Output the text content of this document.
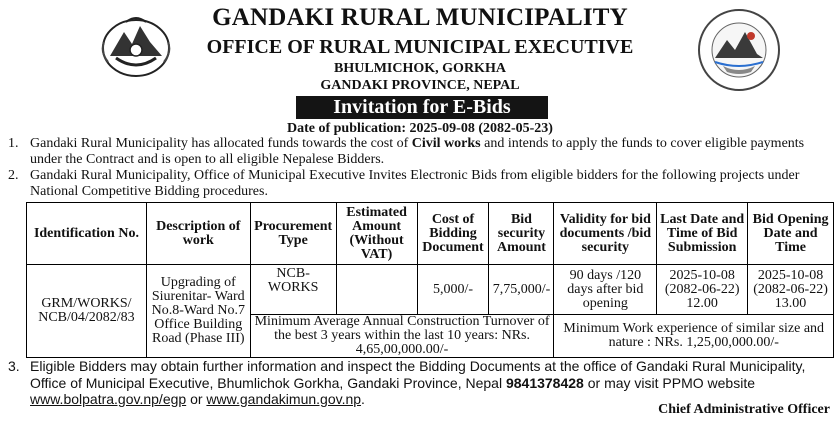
GANDAKI RURAL MUNICIPALITY
OFFICE OF RURAL MUNICIPAL EXECUTIVE
BHULMICHOK, GORKHA
GANDAKI PROVINCE, NEPAL
Invitation for E-Bids
Date of publication: 2025-09-08 (2082-05-23)
1. Gandaki Rural Municipality has allocated funds towards the cost of Civil works and intends to apply the funds to cover eligible payments under the Contract and is open to all eligible Nepalese Bidders.
2. Gandaki Rural Municipality, Office of Municipal Executive Invites Electronic Bids from eligible bidders for the following projects under National Competitive Bidding procedures.
Identification No.	Description of work	Procurement Type	Estimated Amount (Without VAT)	Cost of Bidding Document	Bid security Amount	Validity for bid documents /bid security	Last Date and Time of Bid Submission	Bid Opening Date and Time
GRM/WORKS/ NCB/04/2082/83	Upgrading of Siurenitar- Ward No.8-Ward No.7 Office Building Road (Phase III)	NCB-WORKS		5,000/-	7,75,000/-	90 days /120 days after bid opening	2025-10-08 (2082-06-22) 12.00	2025-10-08 (2082-06-22) 13.00
		Minimum Average Annual Construction Turnover of the best 3 years within the last 10 years: NRs. 4,65,00,000.00/-				Minimum Work experience of similar size and nature : NRs. 1,25,00,000.00/-		
3. Eligible Bidders may obtain further information and inspect the Bidding Documents at the office of Gandaki Rural Municipality, Office of Municipal Executive, Bhumlichok Gorkha, Gandaki Province, Nepal 9841378428 or may visit PPMO website www.bolpatra.gov.np/egp or www.gandakimun.gov.np.
Chief Administrative Officer
